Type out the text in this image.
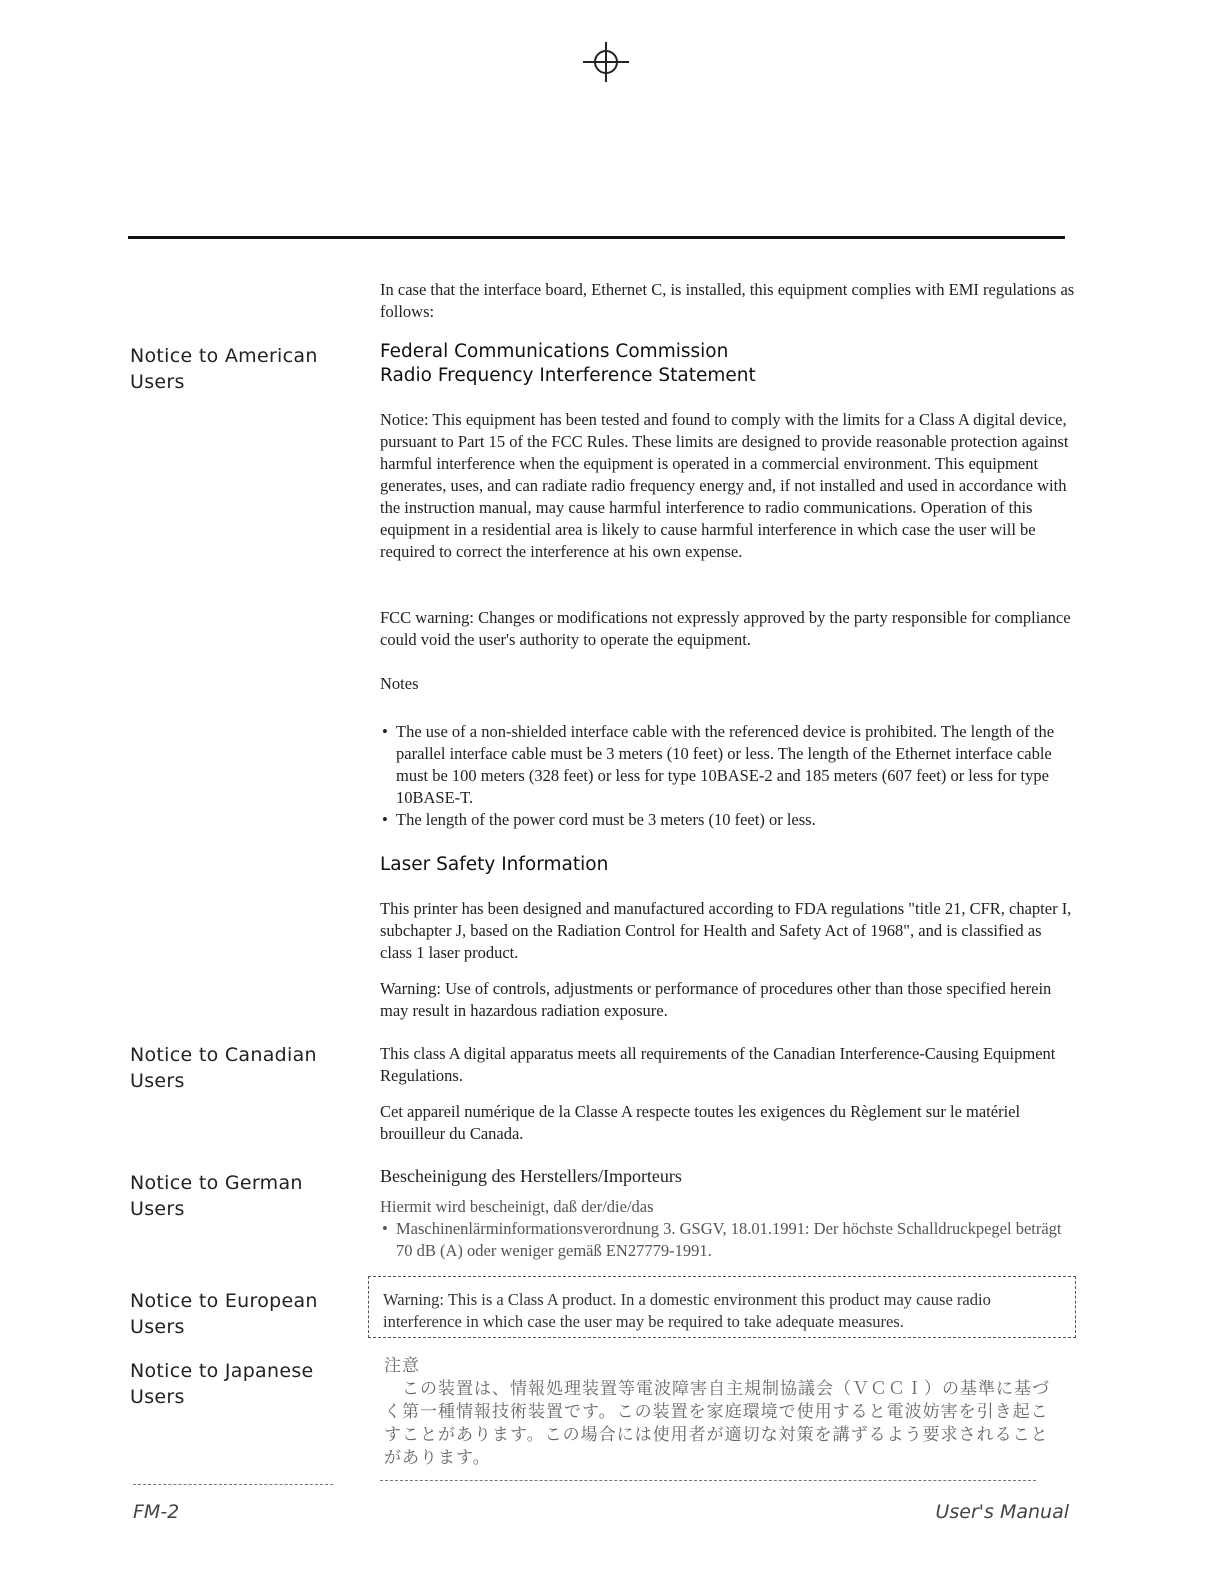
In case that the interface board, Ethernet C, is installed, this equipment complies with EMI regulations as follows:
Notice to American
Users
Federal Communications Commission
Radio Frequency Interference Statement
Notice: This equipment has been tested and found to comply with the limits for a Class A digital device, pursuant to Part 15 of the FCC Rules. These limits are designed to provide reasonable protection against harmful interference when the equipment is operated in a commercial environment. This equipment generates, uses, and can radiate radio frequency energy and, if not installed and used in accordance with the instruction manual, may cause harmful interference to radio communications. Operation of this equipment in a residential area is likely to cause harmful interference in which case the user will be required to correct the interference at his own expense.
FCC warning: Changes or modifications not expressly approved by the party responsible for compliance could void the user's authority to operate the equipment.
Notes
• The use of a non-shielded interface cable with the referenced device is prohibited. The length of the parallel interface cable must be 3 meters (10 feet) or less. The length of the Ethernet interface cable must be 100 meters (328 feet) or less for type 10BASE-2 and 185 meters (607 feet) or less for type 10BASE-T.
• The length of the power cord must be 3 meters (10 feet) or less.
Laser Safety Information
This printer has been designed and manufactured according to FDA regulations "title 21, CFR, chapter I, subchapter J, based on the Radiation Control for Health and Safety Act of 1968", and is classified as class 1 laser product.
Warning: Use of controls, adjustments or performance of procedures other than those specified herein may result in hazardous radiation exposure.
Notice to Canadian
Users
This class A digital apparatus meets all requirements of the Canadian Interference-Causing Equipment Regulations.
Cet appareil numérique de la Classe A respecte toutes les exigences du Règlement sur le matériel brouilleur du Canada.
Notice to German
Users
Bescheinigung des Herstellers/Importeurs
Hiermit wird bescheinigt, daß der/die/das
• Maschinenlärminformationsverordnung 3. GSGV, 18.01.1991: Der höchste Schalldruckpegel beträgt 70 dB (A) oder weniger gemäß EN27779-1991.
Notice to European
Users
Warning: This is a Class A product. In a domestic environment this product may cause radio interference in which case the user may be required to take adequate measures.
Notice to Japanese
Users
注意
　この装置は、情報処理装置等電波障害自主規制協議会（ＶＣＣＩ）の基準に基づく第一種情報技術装置です。この装置を家庭環境で使用すると電波妨害を引き起こすことがあります。この場合には使用者が適切な対策を講ずるよう要求されることがあります。
FM-2	User's Manual
